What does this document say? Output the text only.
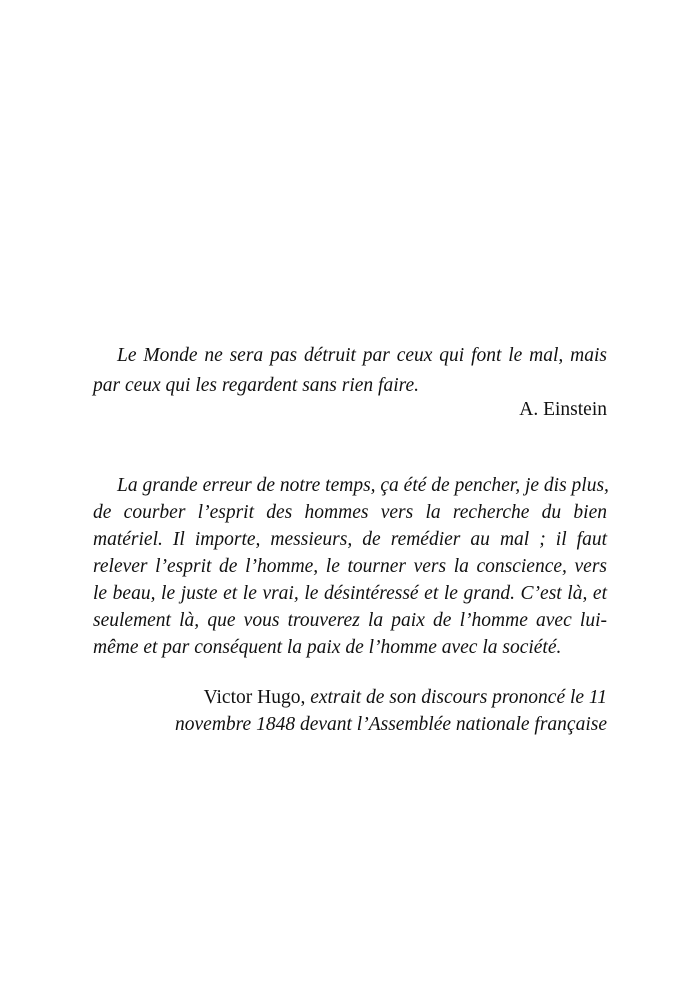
Le Monde ne sera pas détruit par ceux qui font le mal, mais

par ceux qui les regardent sans rien faire.

A. Einstein

La grande erreur de notre temps, ça été de pencher, je dis plus,

de courber l’esprit des hommes vers la recherche du bien

matériel. Il importe, messieurs, de remédier au mal ; il faut

relever l’esprit de l’homme, le tourner vers la conscience, vers

le beau, le juste et le vrai, le désintéressé et le grand. C’est là, et

seulement là, que vous trouverez la paix de l’homme avec lui-

même et par conséquent la paix de l’homme avec la société.

Victor Hugo, extrait de son discours prononcé le 11

novembre 1848 devant l’Assemblée nationale française
